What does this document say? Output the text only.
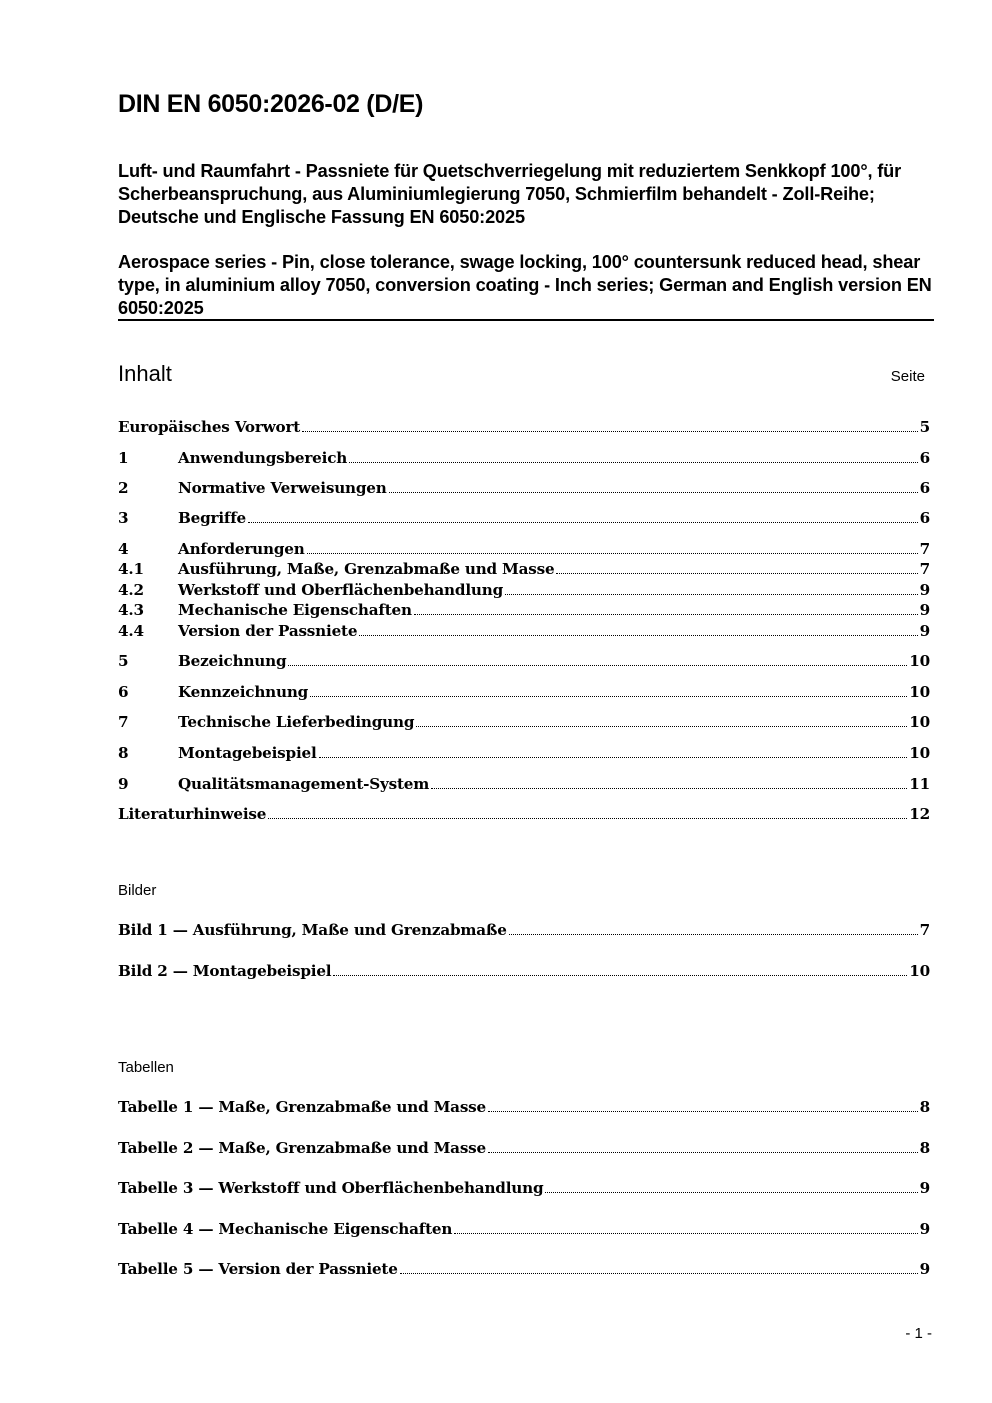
DIN EN 6050:2026-02 (D/E)

Luft- und Raumfahrt - Passniete für Quetschverriegelung mit reduziertem Senkkopf 100°, für Scherbeanspruchung, aus Aluminiumlegierung 7050, Schmierfilm behandelt - Zoll-Reihe; Deutsche und Englische Fassung EN 6050:2025

Aerospace series - Pin, close tolerance, swage locking, 100° countersunk reduced head, shear type, in aluminium alloy 7050, conversion coating - Inch series; German and English version EN 6050:2025

Inhalt	Seite
Europäisches Vorwort	5
1	Anwendungsbereich	6
2	Normative Verweisungen	6
3	Begriffe	6
4	Anforderungen	7
4.1	Ausführung, Maße, Grenzabmaße und Masse	7
4.2	Werkstoff und Oberflächenbehandlung	9
4.3	Mechanische Eigenschaften	9
4.4	Version der Passniete	9
5	Bezeichnung	10
6	Kennzeichnung	10
7	Technische Lieferbedingung	10
8	Montagebeispiel	10
9	Qualitätsmanagement-System	11
Literaturhinweise	12
Bilder
Bild 1 — Ausführung, Maße und Grenzabmaße	7
Bild 2 — Montagebeispiel	10
Tabellen
Tabelle 1 — Maße, Grenzabmaße und Masse	8
Tabelle 2 — Maße, Grenzabmaße und Masse	8
Tabelle 3 — Werkstoff und Oberflächenbehandlung	9
Tabelle 4 — Mechanische Eigenschaften	9
Tabelle 5 — Version der Passniete	9
- 1 -
